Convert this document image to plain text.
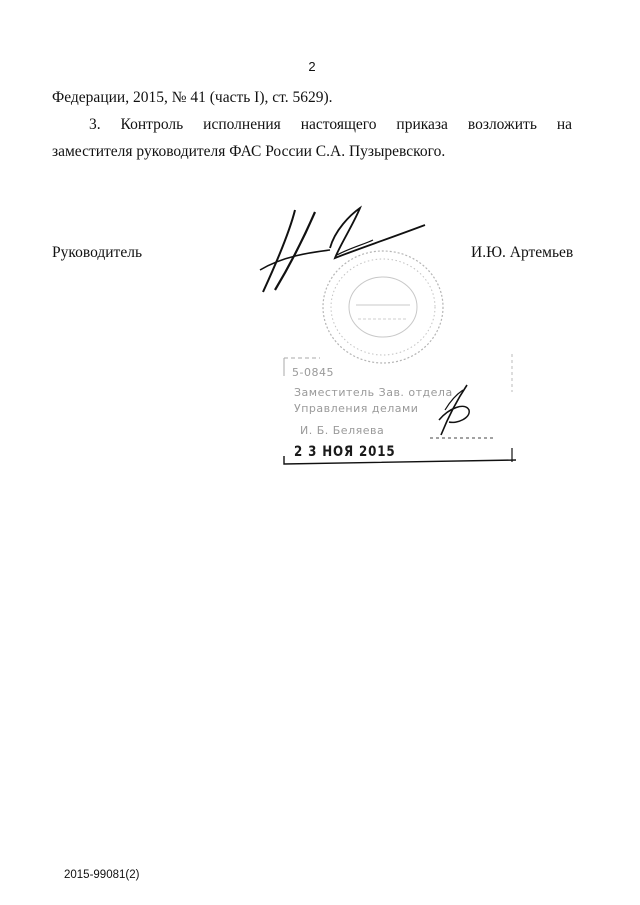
2
Федерации, 2015, № 41 (часть I), ст. 5629).
3. Контроль исполнения настоящего приказа возложить на
заместителя руководителя ФАС России С.А. Пузыревского.
Руководитель	И.Ю. Артемьев
5-0845
Заместитель Зав. отдела
Управления делами
И. Б. Беляева
2 3 НОЯ 2015
2015-99081(2)
